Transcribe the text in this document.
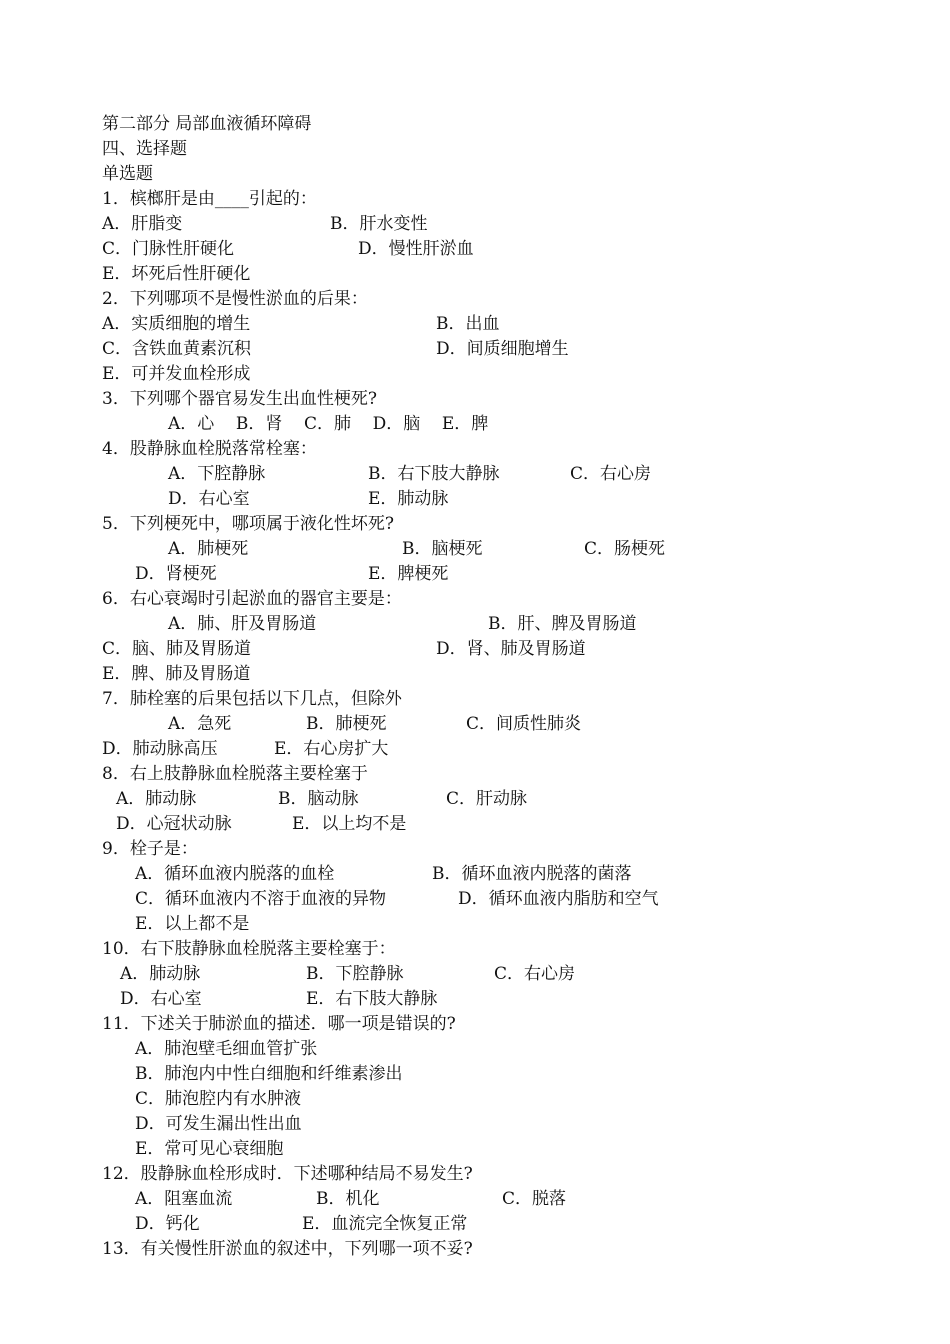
第二部分 局部血液循环障碍
四、选择题
单选题
1．槟榔肝是由____引起的：
A．肝脂变	B．肝水变性
C．门脉性肝硬化	D．慢性肝淤血
E．坏死后性肝硬化
2．下列哪项不是慢性淤血的后果：
A．实质细胞的增生	B．出血
C．含铁血黄素沉积	D．间质细胞增生
E．可并发血栓形成
3．下列哪个器官易发生出血性梗死?
A．心    B．肾    C．肺    D．脑    E．脾
4．股静脉血栓脱落常栓塞：
A．下腔静脉	B．右下肢大静脉	C．右心房
D．右心室	E．肺动脉
5．下列梗死中，哪项属于液化性坏死?
A．肺梗死	B．脑梗死	C．肠梗死
D．肾梗死	E．脾梗死
6．右心衰竭时引起淤血的器官主要是：
A．肺、肝及胃肠道	B．肝、脾及胃肠道
C．脑、肺及胃肠道	D．肾、肺及胃肠道
E．脾、肺及胃肠道
7．肺栓塞的后果包括以下几点，但除外
A．急死	B．肺梗死	C．间质性肺炎
D．肺动脉高压	E．右心房扩大
8．右上肢静脉血栓脱落主要栓塞于
A．肺动脉	B．脑动脉	C．肝动脉
D．心冠状动脉	E．以上均不是
9．栓子是：
A．循环血液内脱落的血栓	B．循环血液内脱落的菌落
C．循环血液内不溶于血液的异物	D．循环血液内脂肪和空气
E．以上都不是
10．右下肢静脉血栓脱落主要栓塞于：
A．肺动脉	B．下腔静脉	C．右心房
D．右心室	E．右下肢大静脉
11．下述关于肺淤血的描述．哪一项是错误的?
A．肺泡壁毛细血管扩张
B．肺泡内中性白细胞和纤维素渗出
C．肺泡腔内有水肿液
D．可发生漏出性出血
E．常可见心衰细胞
12．股静脉血栓形成时．下述哪种结局不易发生?
A．阻塞血流	B．机化	C．脱落
D．钙化	E．血流完全恢复正常
13．有关慢性肝淤血的叙述中，下列哪一项不妥?
